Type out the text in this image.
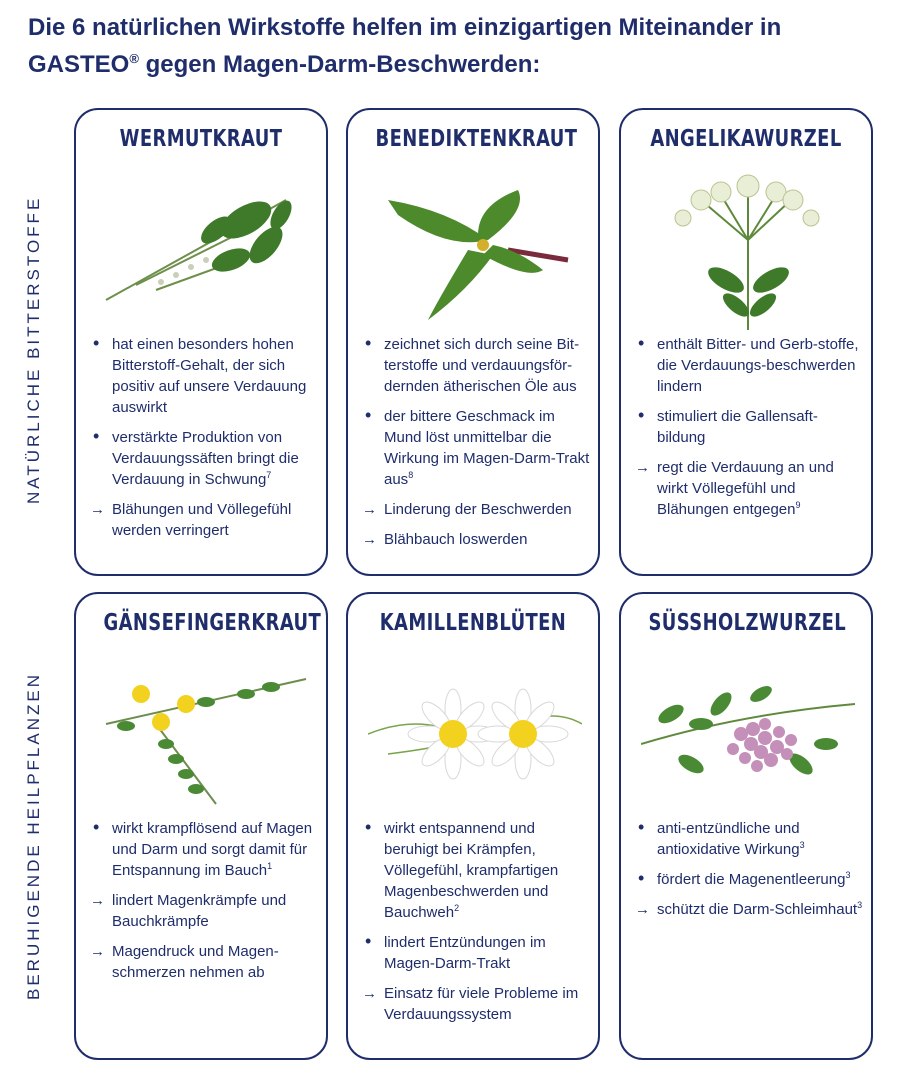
Die 6 natürlichen Wirkstoffe helfen im einzigartigen Miteinander in
GASTEO® gegen Magen-Darm-Beschwerden:
NATÜRLICHE BITTERSTOFFE
BERUHIGENDE HEILPFLANZEN
WERMUTKRAUT
• hat einen besonders hohen Bitterstoff-Gehalt, der sich positiv auf unsere Verdauung auswirkt
• verstärkte Produktion von Verdauungssäften bringt die Verdauung in Schwung$^7$
→ Blähungen und Völlegefühl werden verringert
BENEDIKTENKRAUT
• zeichnet sich durch seine Bit-terstoffe und verdauungsför-dernden ätherischen Öle aus
• der bittere Geschmack im Mund löst unmittelbar die Wirkung im Magen-Darm-Trakt aus$^8$
→ Linderung der Beschwerden
→ Blähbauch loswerden
ANGELIKAWURZEL
• enthält Bitter- und Gerb-stoffe, die Verdauungs-beschwerden lindern
• stimuliert die Gallensaft-bildung
→ regt die Verdauung an und wirkt Völlegefühl und Blähungen entgegen$^9$
GÄNSEFINGERKRAUT
• wirkt krampflösend auf Magen und Darm und sorgt damit für Entspannung im Bauch$^1$
→ lindert Magenkrämpfe und Bauchkrämpfe
→ Magendruck und Magen-schmerzen nehmen ab
KAMILLENBLÜTEN
• wirkt entspannend und beruhigt bei Krämpfen, Völlegefühl, krampfartigen Magenbeschwerden und Bauchweh$^2$
• lindert Entzündungen im Magen-Darm-Trakt
→ Einsatz für viele Probleme im Verdauungssystem
SÜSSHOLZWURZEL
• anti-entzündliche und antioxidative Wirkung$^3$
• fördert die Magenentleerung$^3$
→ schützt die Darm-Schleimhaut$^3$
